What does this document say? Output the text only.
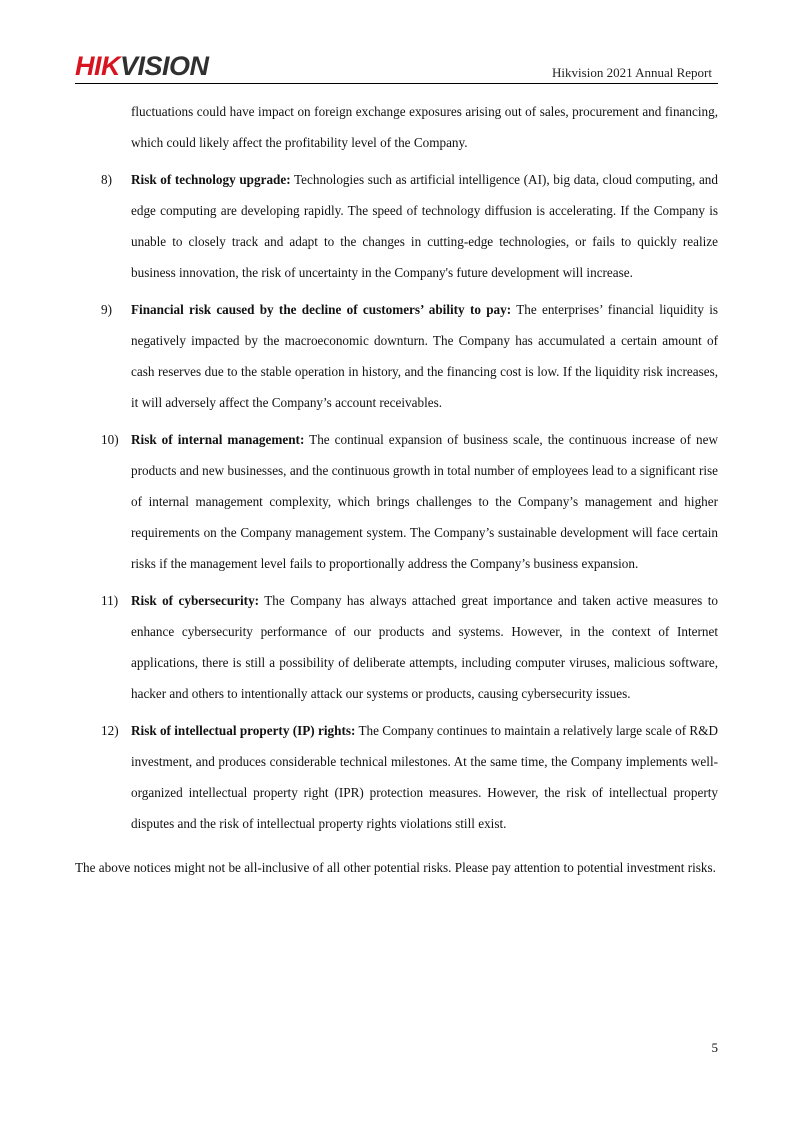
HIKVISION	Hikvision 2021 Annual Report
fluctuations could have impact on foreign exchange exposures arising out of sales, procurement and financing, which could likely affect the profitability level of the Company.
8)	Risk of technology upgrade: Technologies such as artificial intelligence (AI), big data, cloud computing, and edge computing are developing rapidly. The speed of technology diffusion is accelerating. If the Company is unable to closely track and adapt to the changes in cutting-edge technologies, or fails to quickly realize business innovation, the risk of uncertainty in the Company's future development will increase.
9)	Financial risk caused by the decline of customers’ ability to pay: The enterprises’ financial liquidity is negatively impacted by the macroeconomic downturn. The Company has accumulated a certain amount of cash reserves due to the stable operation in history, and the financing cost is low. If the liquidity risk increases, it will adversely affect the Company’s account receivables.
10) Risk of internal management: The continual expansion of business scale, the continuous increase of new products and new businesses, and the continuous growth in total number of employees lead to a significant rise of internal management complexity, which brings challenges to the Company’s management and higher requirements on the Company management system. The Company’s sustainable development will face certain risks if the management level fails to proportionally address the Company’s business expansion.
11) Risk of cybersecurity: The Company has always attached great importance and taken active measures to enhance cybersecurity performance of our products and systems. However, in the context of Internet applications, there is still a possibility of deliberate attempts, including computer viruses, malicious software, hacker and others to intentionally attack our systems or products, causing cybersecurity issues.
12) Risk of intellectual property (IP) rights: The Company continues to maintain a relatively large scale of R&D investment, and produces considerable technical milestones. At the same time, the Company implements well-organized intellectual property right (IPR) protection measures. However, the risk of intellectual property disputes and the risk of intellectual property rights violations still exist.
The above notices might not be all-inclusive of all other potential risks. Please pay attention to potential investment risks.
5
